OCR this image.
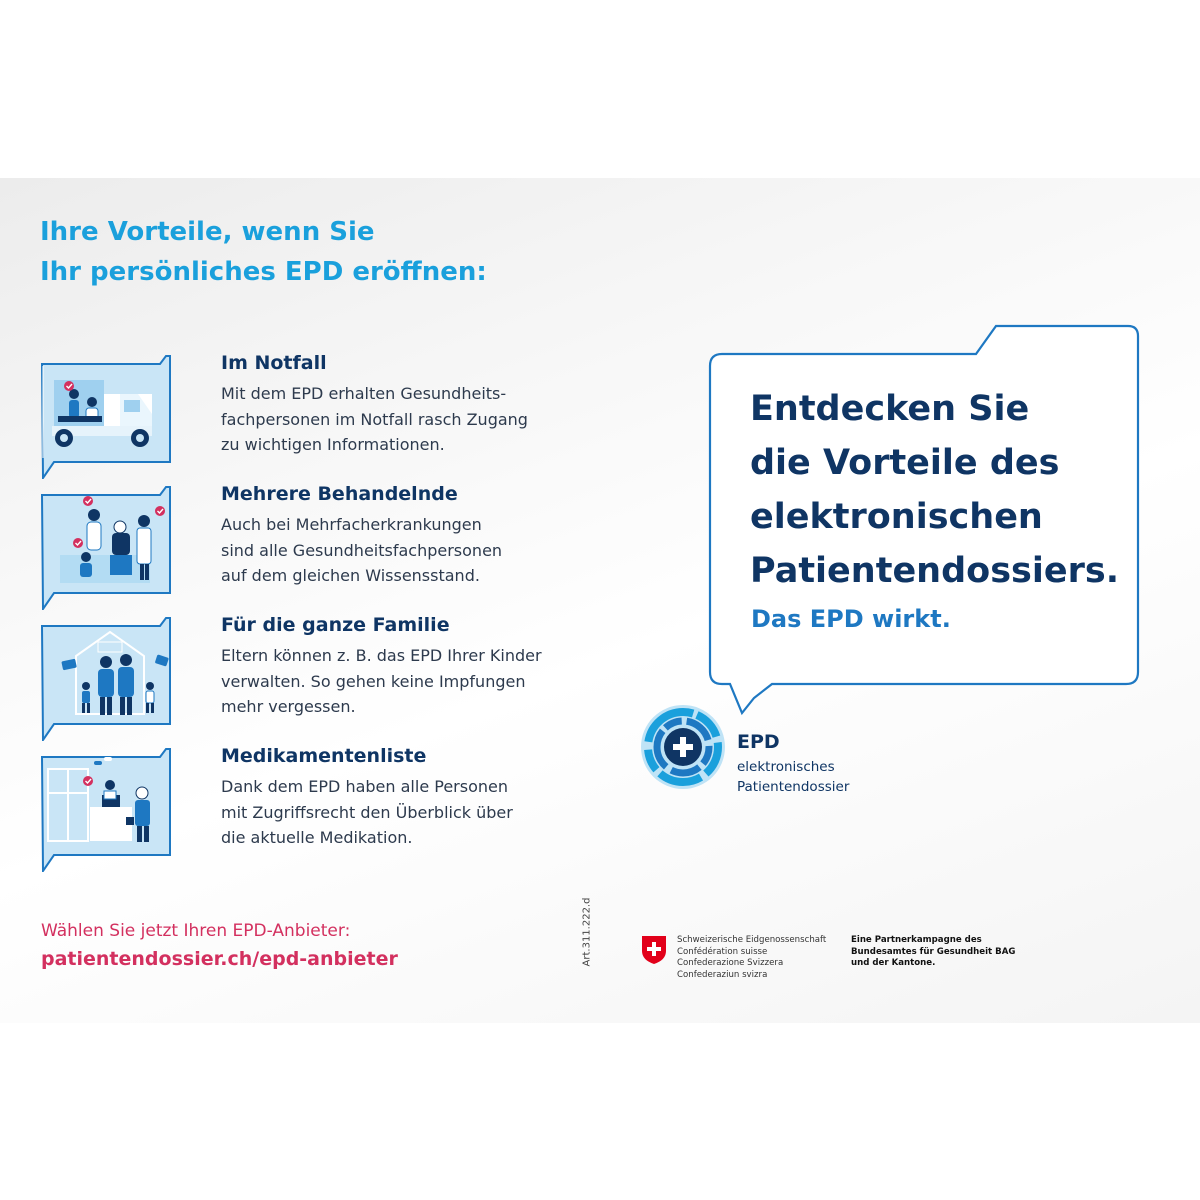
Ihre Vorteile, wenn Sie
Ihr persönliches EPD eröffnen:
Im Notfall

Mit dem EPD erhalten Gesundheits-
fachpersonen im Notfall rasch Zugang
zu wichtigen Informationen.

Mehrere Behandelnde

Auch bei Mehrfacherkrankungen
sind alle Gesundheitsfachpersonen
auf dem gleichen Wissensstand.

Für die ganze Familie

Eltern können z. B. das EPD Ihrer Kinder
verwalten. So gehen keine Impfungen
mehr vergessen.

Medikamentenliste

Dank dem EPD haben alle Personen
mit Zugriffsrecht den Überblick über
die aktuelle Medikation.

Wählen Sie jetzt Ihren EPD-Anbieter:
patientendossier.ch/epd-anbieter	Art.311.222.d
Entdecken Sie
die Vorteile des
elektronischen
Patientendossiers.

Das EPD wirkt.

EPD
elektronisches
Patientendossier
Schweizerische Eidgenossenschaft
Confédération suisse
Confederazione Svizzera
Confederaziun svizra
Eine Partnerkampagne des
Bundesamtes für Gesundheit BAG
und der Kantone.
